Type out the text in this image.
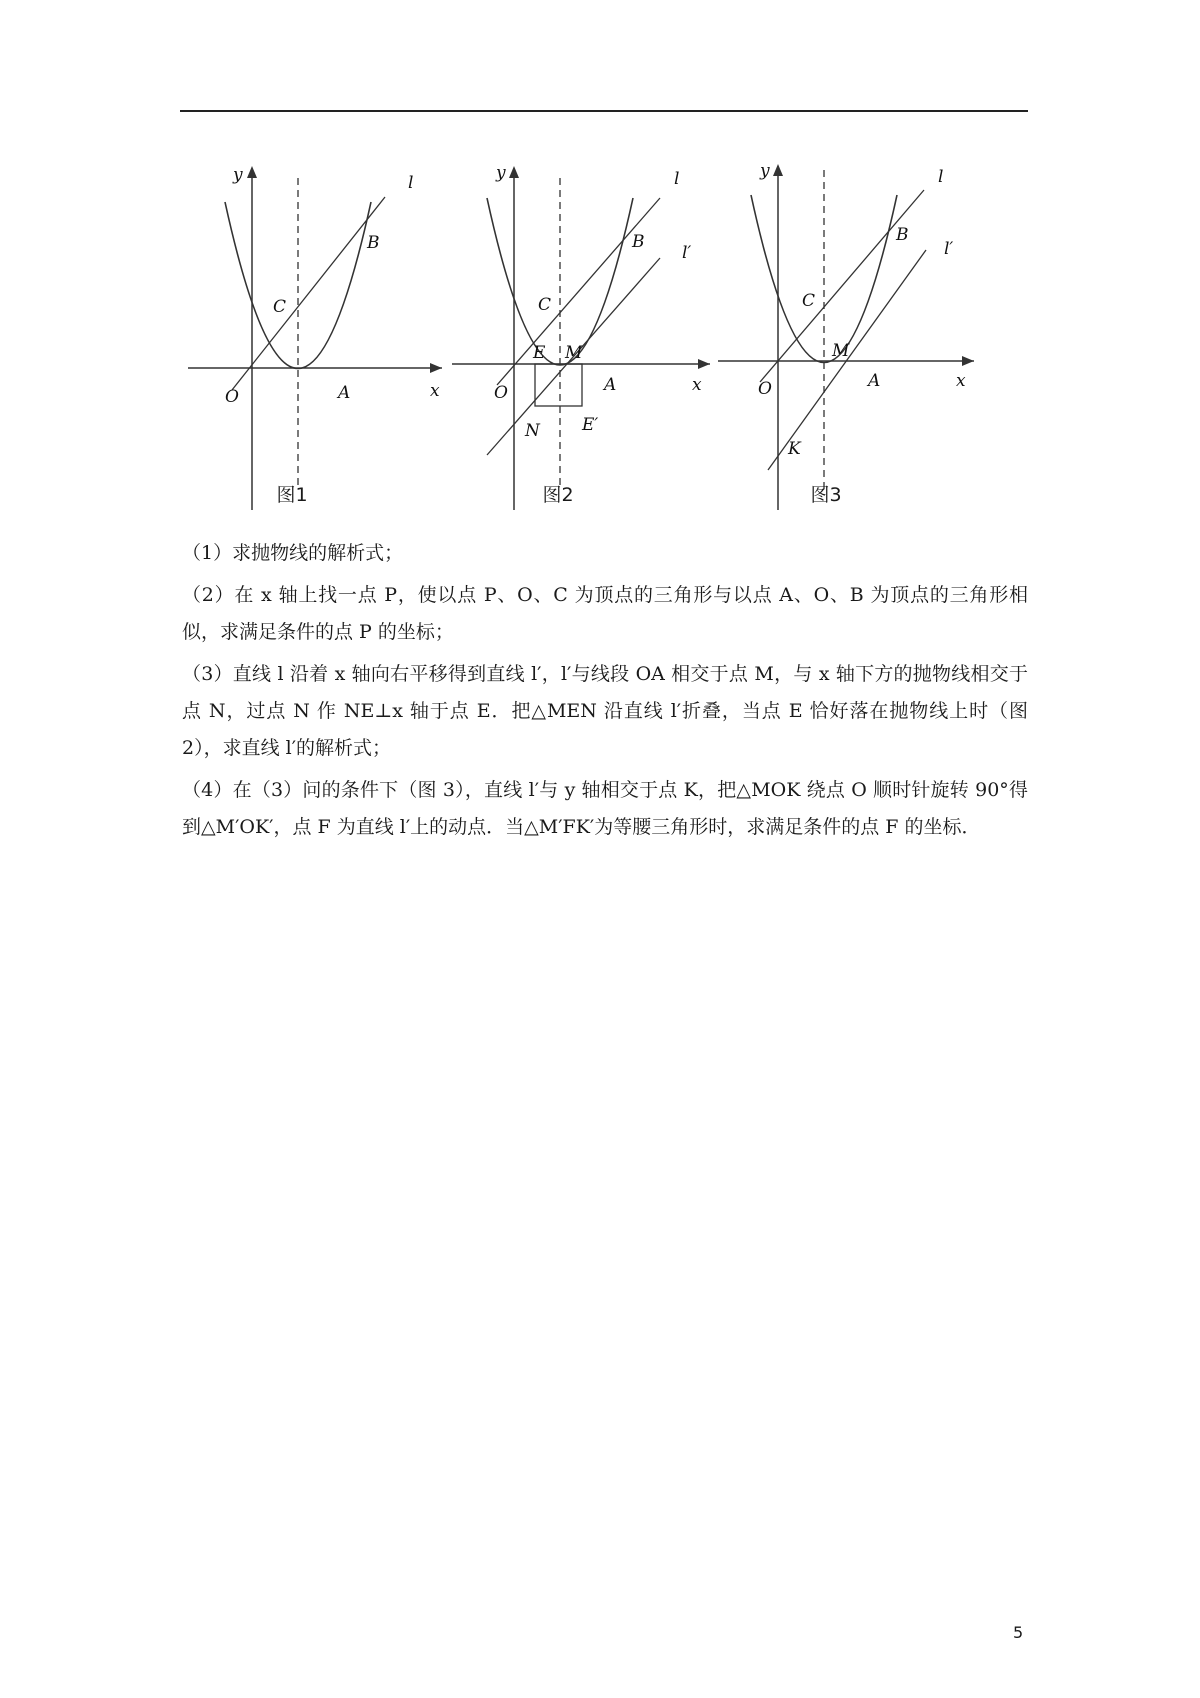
y
x
O	A
B
C
l
图1
y
x
O	A
B
C
l
l′
E M
N E′
图2
y
x
O	A
B
C
l
l′
M
K
图3

（1）求抛物线的解析式；

（2）在 x 轴上找一点 P，使以点 P、O、C 为顶点的三角形与以点 A、O、B 为顶点的三角形相似，求满足条件的点 P 的坐标；

（3）直线 l 沿着 x 轴向右平移得到直线 l′，l′与线段 OA 相交于点 M，与 x 轴下方的抛物线相交于点 N，过点 N 作 NE⊥x 轴于点 E．把△MEN 沿直线 l′折叠，当点 E 恰好落在抛物线上时（图 2），求直线 l′的解析式；

（4）在（3）问的条件下（图 3），直线 l′与 y 轴相交于点 K，把△MOK 绕点 O 顺时针旋转 90°得到△M′OK′，点 F 为直线 l′上的动点．当△M′FK′为等腰三角形时，求满足条件的点 F 的坐标．

5
